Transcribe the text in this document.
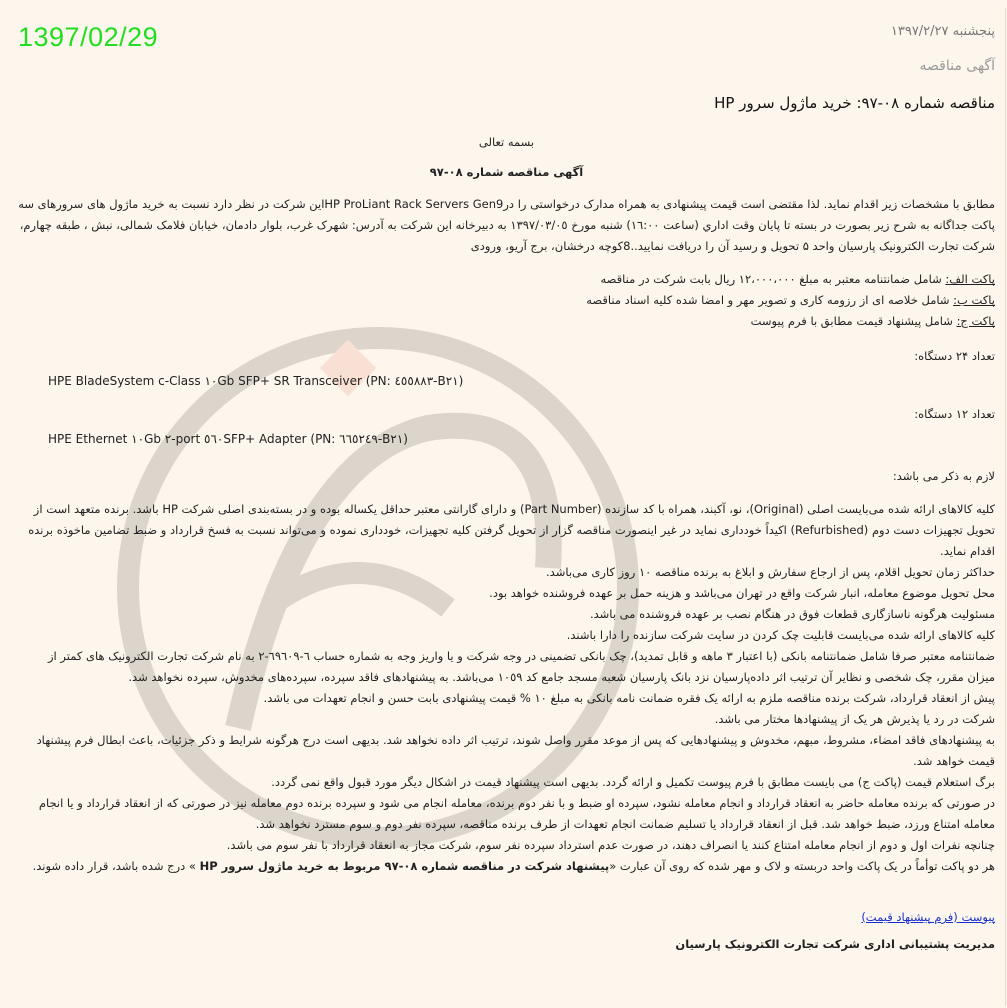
1397/02/29	پنجشنبه ۱۳۹۷/۲/۲۷
آگهی مناقصه
مناقصه شماره ۰۸-۹۷: خرید ماژول سرور HP

بسمه تعالی

آگهی مناقصه شماره ۰۸-۹۷

مطابق با مشخصات زیر اقدام نماید. لذا مقتضی است قیمت پیشنهادی به همراه مدارک درخواستی را درHP ProLiant Rack Servers Gen9این شرکت در نظر دارد نسبت به خرید ماژول های سرورهای سه پاکت جداگانه به شرح زیر بصورت در بسته تا پایان وقت اداري (ساعت ١٦:٠٠) شنبه مورخ ١٣٩٧/٠٣/٠٥ به دبیرخانه این شرکت به آدرس: شهرک غرب، بلوار دادمان، خیابان فلامک شمالی، نبش ، طبقه چهارم، شرکت تجارت الکترونیک پارسیان واحد ۵ تحویل و رسید آن را دریافت نمایید..8کوچه درخشان، برج آریو، ورودی

پاکت الف: شامل ضمانتنامه معتبر به مبلغ ١٢،٠٠٠،٠٠٠ ریال بابت شرکت در مناقصه

پاکت ب: شامل خلاصه ای از رزومه کاری و تصویر مهر و امضا شده کلیه اسناد مناقصه

پاکت ج: شامل پیشنهاد قیمت مطابق با فرم پیوست

تعداد ۲۴ دستگاه:

HPE BladeSystem c-Class ١٠Gb SFP+ SR Transceiver (PN: ٤٥٥٨٨٣-B٢١)

تعداد ۱۲ دستگاه:

HPE Ethernet ١٠Gb ٢-port ٥٦٠SFP+ Adapter (PN: ٦٦٥٢٤٩-B٢١)

لازم به ذکر می باشد:

کلیه کالاهای ارائه شده می‌بایست اصلی (Original)، نو، آکبند، همراه با کد سازنده (Part Number) و دارای گارانتی معتبر حداقل یکساله بوده و در بسته‌بندی اصلی شرکت HP باشد. برنده متعهد است از تحویل تجهیزات دست دوم (Refurbished) اکیداً خودداری نماید در غیر اینصورت مناقصه گزار از تحویل گرفتن کلیه تجهیزات، خودداری نموده و می‌تواند نسبت به فسخ قرارداد و ضبط تضامین ماخوذه برنده اقدام نماید.

حداکثر زمان تحویل اقلام، پس از ارجاع سفارش و ابلاغ به برنده مناقصه ١٠ روز کاری می‌باشد.

محل تحویل موضوع معامله، انبار شرکت واقع در تهران می‌باشد و هزینه حمل بر عهده فروشنده خواهد بود.

مسئولیت هرگونه ناسازگاری قطعات فوق در هنگام نصب بر عهده فروشنده می باشد.

کلیه کالاهای ارائه شده می‌بایست قابلیت چک کردن در سایت شرکت سازنده را دارا باشند.

ضمانتنامه معتبر صرفا شامل ضمانتنامه بانکی (با اعتبار ۳ ماهه و قابل تمدید)، چک بانکی تضمینی در وجه شرکت و یا واریز وجه به شماره حساب ٦-٦٩٦٠٩-٢ به نام شرکت تجارت الکترونیک های کمتر از میزان مقرر، چک شخصی و نظایر آن ترتیب اثر داده‌پارسیان نزد بانک پارسیان شعبه مسجد جامع کد ١٠٥٩ می‌باشد. به پیشنهادهای فاقد سپرده، سپرده‌های مخدوش، سپرده نخواهد شد.

پیش از انعقاد قرارداد، شرکت برنده مناقصه ملزم به ارائه یک فقره ضمانت نامه بانکی به مبلغ ١٠ % قیمت پیشنهادی بابت حسن و انجام تعهدات می باشد.

شرکت در رد یا پذیرش هر یک از پیشنهادها مختار می باشد.

به پیشنهادهای فاقد امضاء، مشروط، مبهم، مخدوش و پیشنهادهایی که پس از موعد مقرر واصل شوند، ترتیب اثر داده نخواهد شد. بدیهی است درج هرگونه شرایط و ذکر جزئیات، باعث ابطال فرم پیشنهاد قیمت خواهد شد.

برگ استعلام قیمت (پاکت ج) می بایست مطابق با فرم پیوست تکمیل و ارائه گردد. بدیهی است پیشنهاد قیمت در اشکال دیگر مورد قبول واقع نمی گردد.

در صورتی که برنده معامله حاضر به انعقاد قرارداد و انجام معامله نشود، سپرده او ضبط و با نفر دوم برنده، معامله انجام می شود و سپرده برنده دوم معامله نیز در صورتی که از انعقاد قرارداد و یا انجام معامله امتناع ورزد، ضبط خواهد شد. قبل از انعقاد قرارداد یا تسلیم ضمانت انجام تعهدات از طرف برنده مناقصه، سپرده نفر دوم و سوم مسترد نخواهد شد.

چنانچه نفرات اول و دوم از انجام معامله امتناع کنند یا انصراف دهند، در صورت عدم استرداد سپرده نفر سوم، شرکت مجاز به انعقاد قرارداد با نفر سوم می باشد.

هر دو پاکت توأماً در یک پاکت واحد دربسته و لاک و مهر شده که روی آن عبارت «پیشنهاد شرکت در مناقصه شماره ۰۸-۹۷ مربوط به خرید ماژول سرور HP » درج شده باشد، قرار داده شوند.

پیوست (فرم پیشنهاد قیمت)

مدیریت پشتیبانی اداری شرکت تجارت الکترونیک پارسیان
